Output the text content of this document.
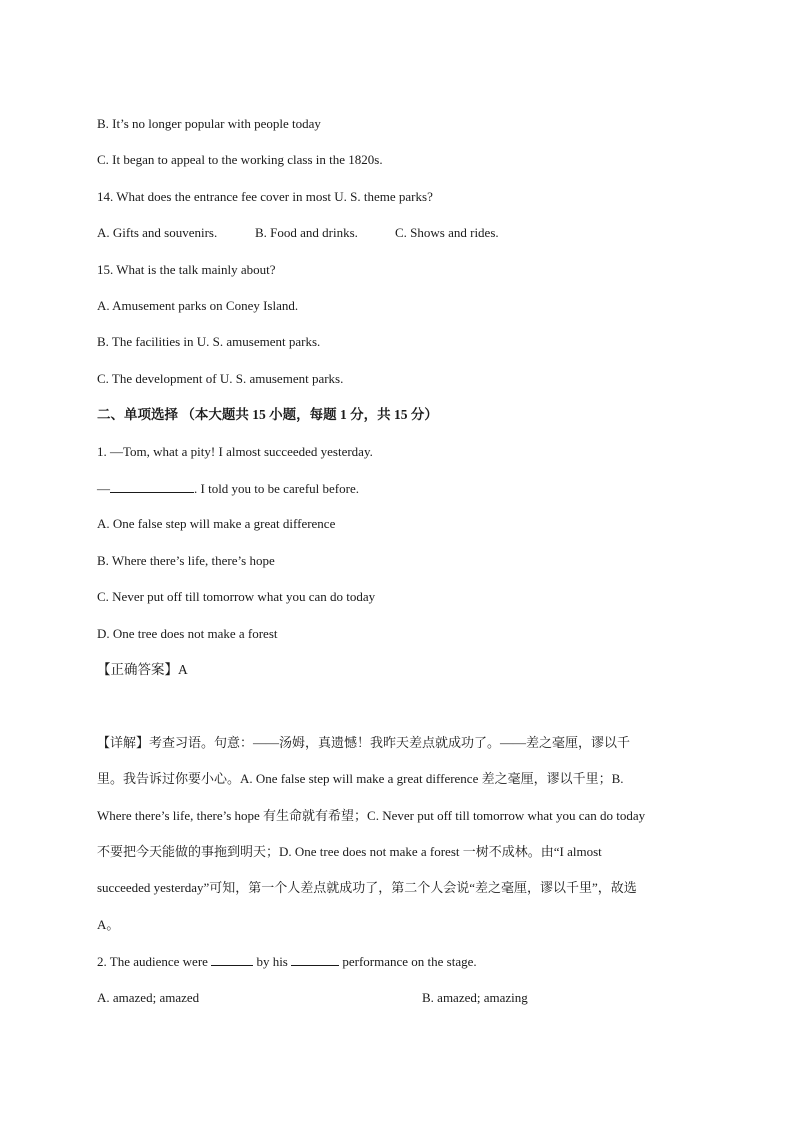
B. It’s no longer popular with people today
C. It began to appeal to the working class in the 1820s.
14. What does the entrance fee cover in most U. S. theme parks?
A. Gifts and souvenirs.	B. Food and drinks.	C. Shows and rides.
15. What is the talk mainly about?
A. Amusement parks on Coney Island.
B. The facilities in U. S. amusement parks.
C. The development of U. S. amusement parks.
二、单项选择 （本大题共 15 小题，每题 1 分，共 15 分）
1. —Tom, what a pity! I almost succeeded yesterday.
—	. I told you to be careful before.
A. One false step will make a great difference
B. Where there’s life, there’s hope
C. Never put off till tomorrow what you can do today
D. One tree does not make a forest
【正确答案】A
【详解】考查习语。句意：——汤姆，真遗憾！我昨天差点就成功了。——差之毫厘，谬以千
里。我告诉过你要小心。A. One false step will make a great difference 差之毫厘，谬以千里；B.
Where there’s life, there’s hope 有生命就有希望；C. Never put off till tomorrow what you can do today
不要把今天能做的事拖到明天；D. One tree does not make a forest 一树不成林。由“I almost
succeeded yesterday”可知，第一个人差点就成功了，第二个人会说“差之毫厘，谬以千里”，故选
A。
2. The audience were	by his	performance on the stage.
A. amazed; amazed	B. amazed; amazing
